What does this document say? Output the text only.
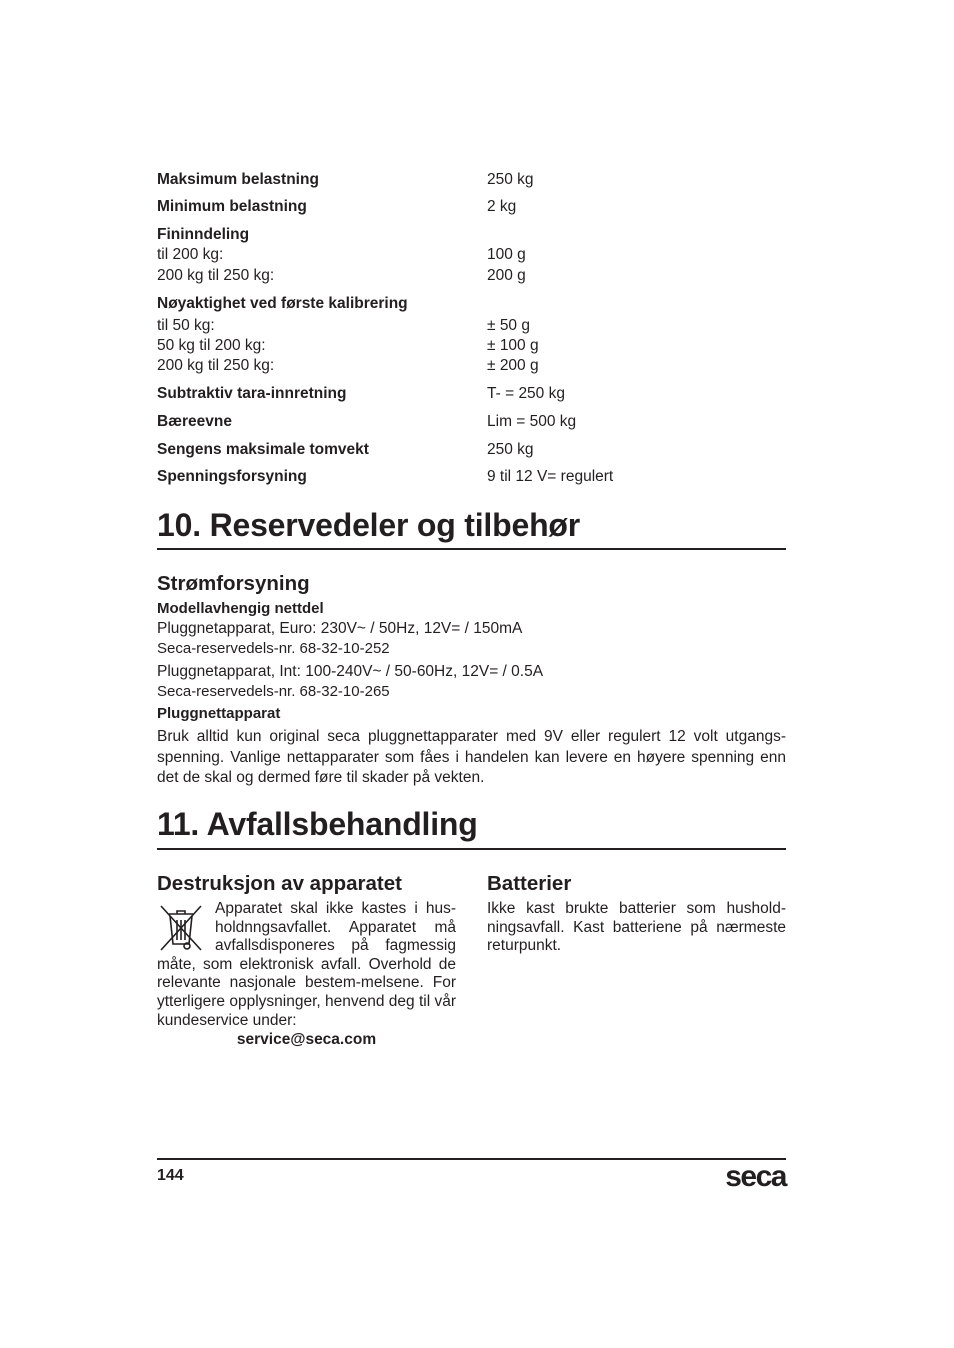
Maksimum belastning	250 kg
Minimum belastning	2 kg
Fininndeling
til 200 kg:	100 g
200 kg til 250 kg:	200 g
Nøyaktighet ved første kalibrering
til 50 kg:	± 50 g
50 kg til 200 kg:	± 100 g
200 kg til 250 kg:	± 200 g
Subtraktiv tara-innretning	T- = 250 kg
Bæreevne	Lim = 500 kg
Sengens maksimale tomvekt	250 kg
Spenningsforsyning	9 til 12 V= regulert
10. Reservedeler og tilbehør
Strømforsyning
Modellavhengig nettdel
Pluggnetapparat, Euro: 230V~ / 50Hz, 12V= / 150mA
Seca-reservedels-nr. 68-32-10-252
Pluggnetapparat, Int: 100-240V~ / 50-60Hz, 12V= / 0.5A
Seca-reservedels-nr. 68-32-10-265
Pluggnettapparat
Bruk alltid kun original seca pluggnettapparater med 9V eller regulert 12 volt utgangs-spenning. Vanlige nettapparater som fåes i handelen kan levere en høyere spenning enn det de skal og dermed føre til skader på vekten.
11. Avfallsbehandling
Destruksjon av apparatet
Apparatet skal ikke kastes i hus-holdnngsavfallet. Apparatet må avfallsdisponeres på fagmessig måte, som elektronisk avfall. Overhold de relevante nasjonale bestem-melsene. For ytterligere opplysninger, henvend deg til vår kundeservice under:
service@seca.com
Batterier
Ikke kast brukte batterier som hushold-ningsavfall. Kast batteriene på nærmeste returpunkt.
144	seca
